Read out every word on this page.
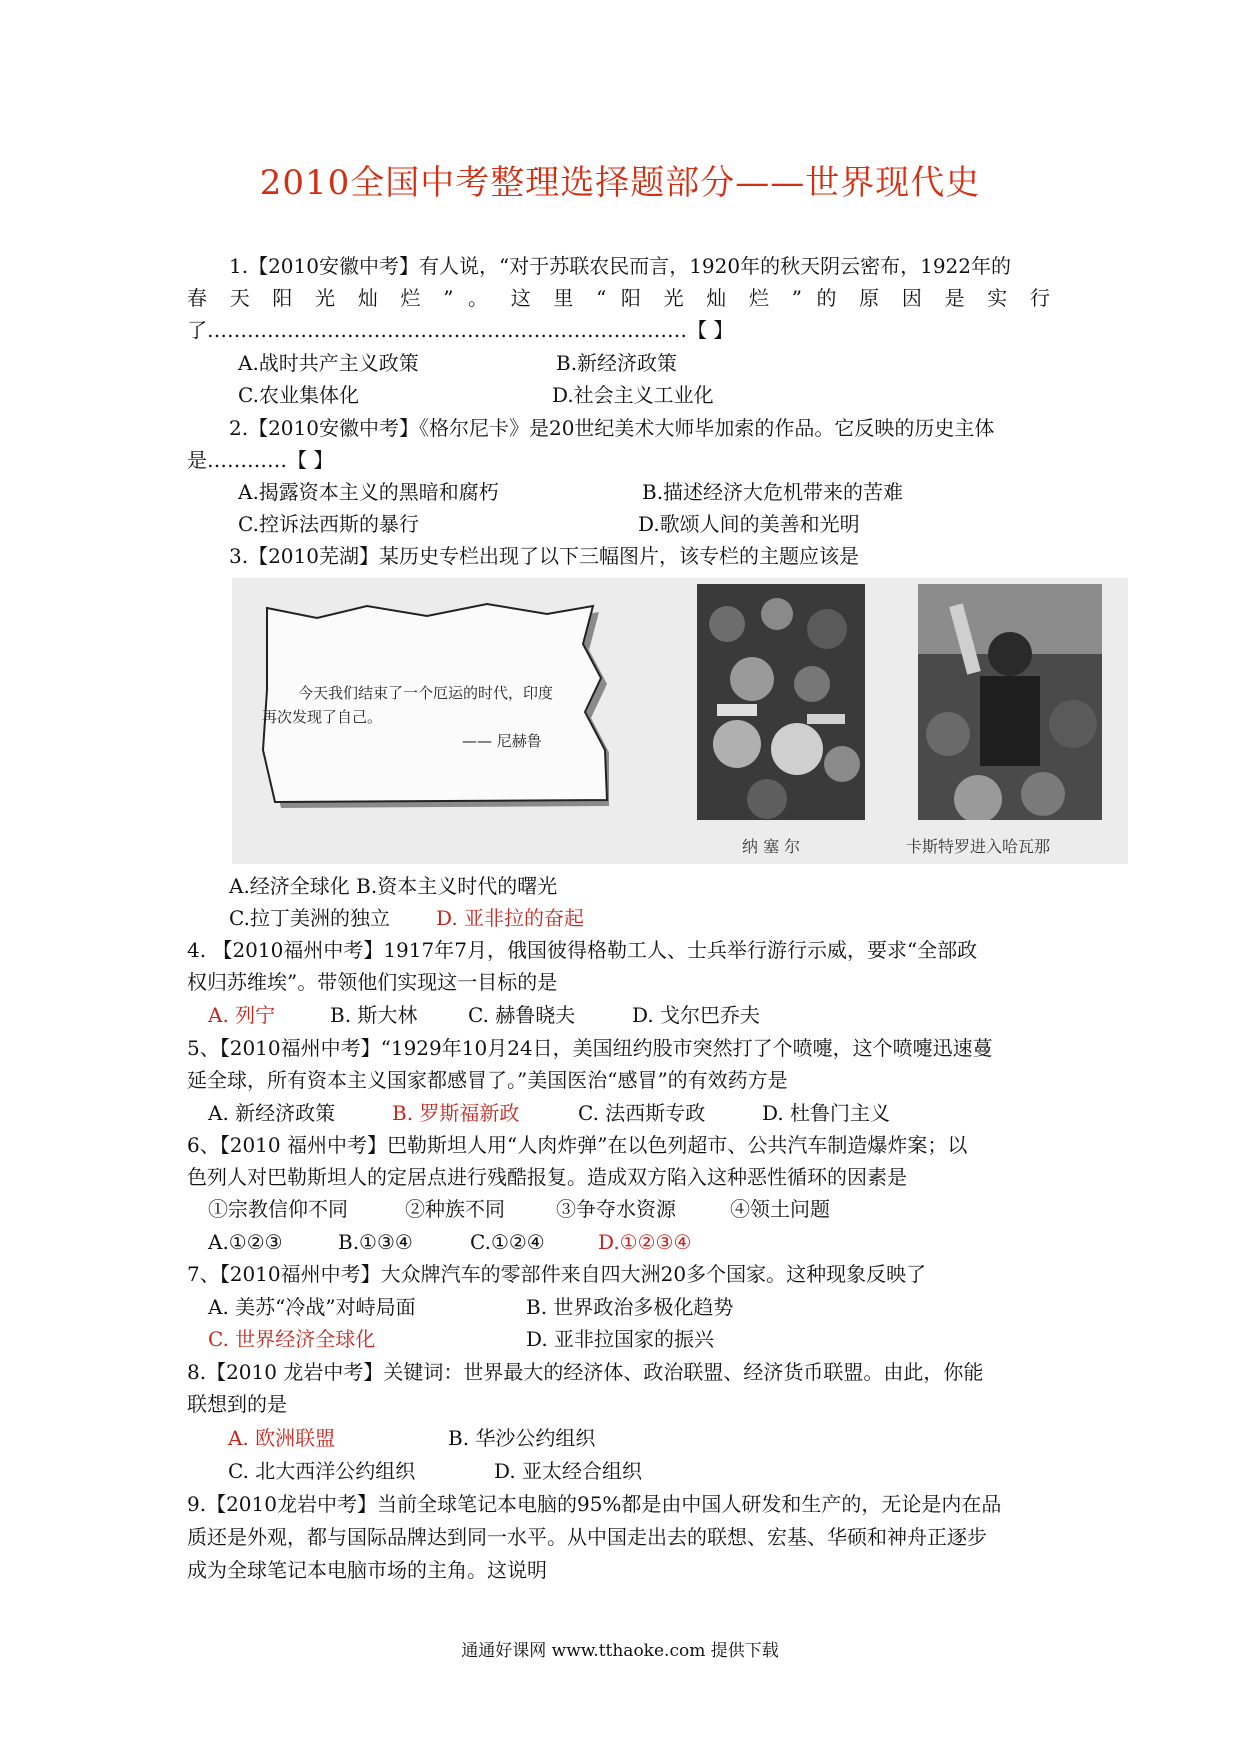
2010全国中考整理选择题部分——世界现代史
1.【2010安徽中考】有人说，“对于苏联农民而言，1920年的秋天阴云密布，1922年的
春 天 阳 光 灿 烂 ” 。 这 里 “ 阳 光 灿 烂 ” 的 原 因 是 实 行
了………………………………………………………………【 】
A.战时共产主义政策	B.新经济政策
C.农业集体化	D.社会主义工业化
2.【2010安徽中考】《格尔尼卡》是20世纪美术大师毕加索的作品。它反映的历史主体
是…………【 】
A.揭露资本主义的黑暗和腐朽	B.描述经济大危机带来的苦难
C.控诉法西斯的暴行	D.歌颂人间的美善和光明
3.【2010芜湖】某历史专栏出现了以下三幅图片，该专栏的主题应该是
今天我们结束了一个厄运的时代，印度
再次发现了自己。
—— 尼赫鲁
纳 塞 尔	卡斯特罗进入哈瓦那
A.经济全球化 B.资本主义时代的曙光
C.拉丁美洲的独立 D. 亚非拉的奋起
4. 【2010福州中考】1917年7月，俄国彼得格勒工人、士兵举行游行示威，要求“全部政
权归苏维埃”。带领他们实现这一目标的是
A. 列宁	B. 斯大林	C. 赫鲁晓夫	D. 戈尔巴乔夫
5、【2010福州中考】“1929年10月24日，美国纽约股市突然打了个喷嚏，这个喷嚏迅速蔓
延全球，所有资本主义国家都感冒了。”美国医治“感冒”的有效药方是
A. 新经济政策	B. 罗斯福新政	C. 法西斯专政	D. 杜鲁门主义
6、【2010 福州中考】巴勒斯坦人用“人肉炸弹”在以色列超市、公共汽车制造爆炸案；以
色列人对巴勒斯坦人的定居点进行残酷报复。造成双方陷入这种恶性循环的因素是
①宗教信仰不同	②种族不同	③争夺水资源	④领土问题
A.①②③	B.①③④	C.①②④	D.①②③④
7、【2010福州中考】大众牌汽车的零部件来自四大洲20多个国家。这种现象反映了
A. 美苏“冷战”对峙局面	B. 世界政治多极化趋势
C. 世界经济全球化	D. 亚非拉国家的振兴
8.【2010 龙岩中考】关键词：世界最大的经济体、政治联盟、经济货币联盟。由此，你能
联想到的是
A. 欧洲联盟	B. 华沙公约组织
C. 北大西洋公约组织	D. 亚太经合组织
9.【2010龙岩中考】当前全球笔记本电脑的95%都是由中国人研发和生产的，无论是内在品
质还是外观，都与国际品牌达到同一水平。从中国走出去的联想、宏基、华硕和神舟正逐步
成为全球笔记本电脑市场的主角。这说明
通通好课网 www.tthaoke.com 提供下载
